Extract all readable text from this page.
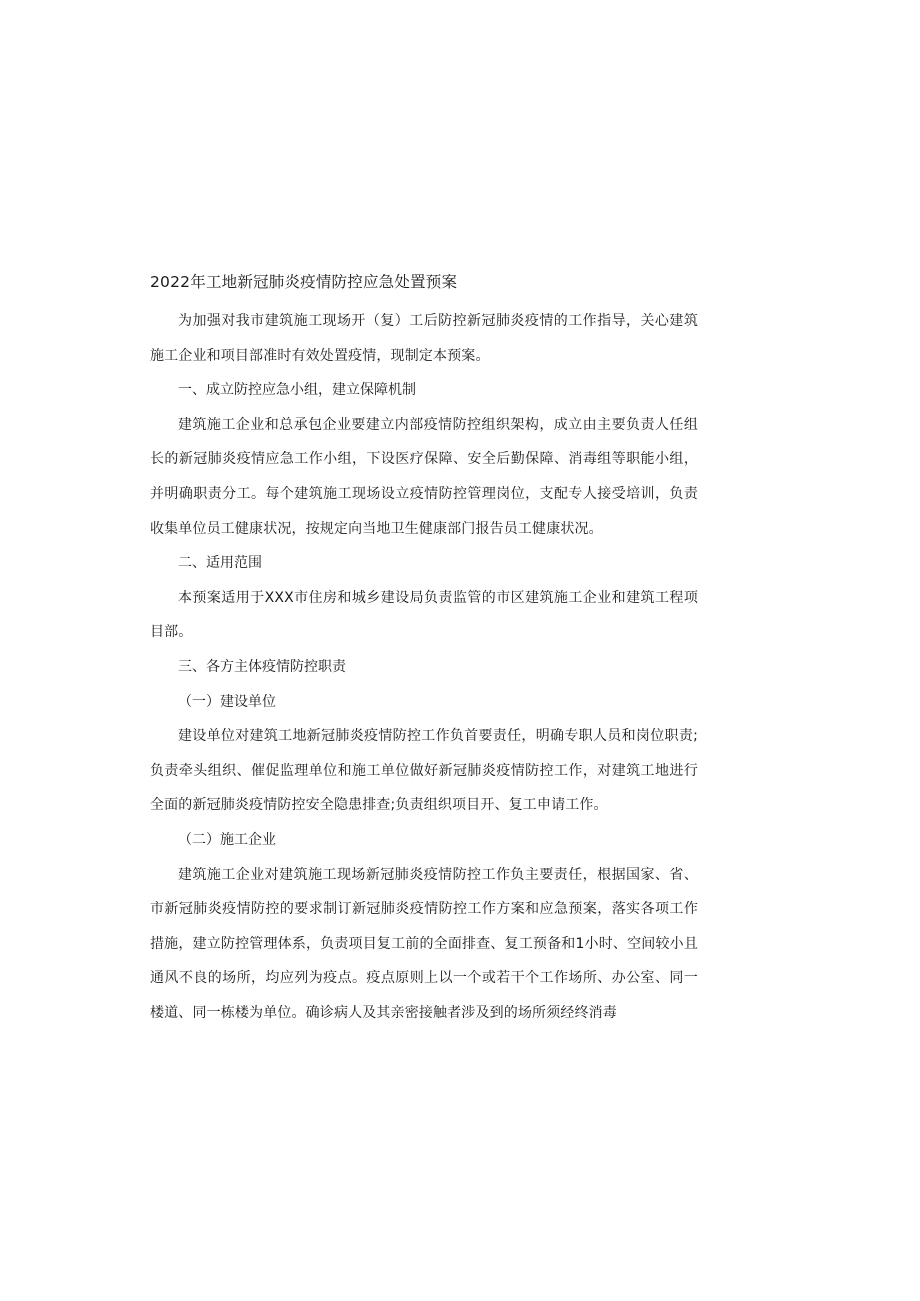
2022年工地新冠肺炎疫情防控应急处置预案

为加强对我市建筑施工现场开（复）工后防控新冠肺炎疫情的工作指导，关心建筑施工企业和项目部准时有效处置疫情，现制定本预案。

一、成立防控应急小组，建立保障机制

建筑施工企业和总承包企业要建立内部疫情防控组织架构，成立由主要负责人任组长的新冠肺炎疫情应急工作小组，下设医疗保障、安全后勤保障、消毒组等职能小组，并明确职责分工。每个建筑施工现场设立疫情防控管理岗位，支配专人接受培训，负责收集单位员工健康状况，按规定向当地卫生健康部门报告员工健康状况。

二、适用范围

本预案适用于XXX市住房和城乡建设局负责监管的市区建筑施工企业和建筑工程项目部。

三、各方主体疫情防控职责

（一）建设单位

建设单位对建筑工地新冠肺炎疫情防控工作负首要责任，明确专职人员和岗位职责;负责牵头组织、催促监理单位和施工单位做好新冠肺炎疫情防控工作，对建筑工地进行全面的新冠肺炎疫情防控安全隐患排查;负责组织项目开、复工申请工作。

（二）施工企业

建筑施工企业对建筑施工现场新冠肺炎疫情防控工作负主要责任，根据国家、省、市新冠肺炎疫情防控的要求制订新冠肺炎疫情防控工作方案和应急预案，落实各项工作措施，建立防控管理体系，负责项目复工前的全面排查、复工预备和1小时、空间较小且通风不良的场所，均应列为疫点。疫点原则上以一个或若干个工作场所、办公室、同一楼道、同一栋楼为单位。确诊病人及其亲密接触者涉及到的场所须经终消毒
